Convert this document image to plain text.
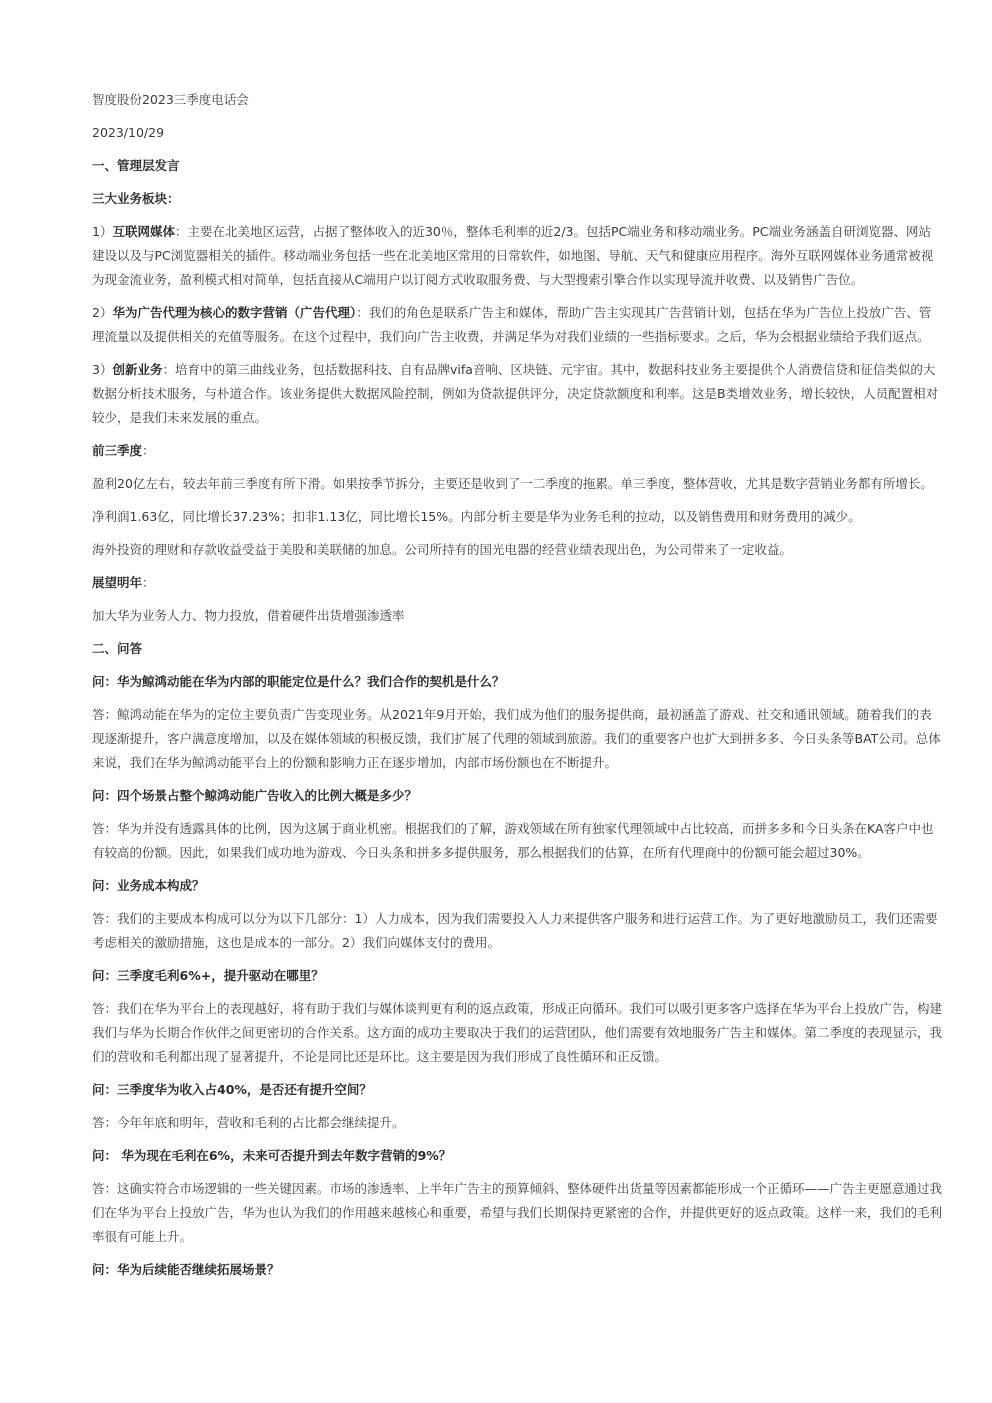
智度股份2023三季度电话会

2023/10/29

一、管理层发言

三大业务板块：

1）互联网媒体：主要在北美地区运营，占据了整体收入的近30％，整体毛利率的近2/3。包括PC端业务和移动端业务。PC端业务涵盖自研浏览器、网站建设以及与PC浏览器相关的插件。移动端业务包括一些在北美地区常用的日常软件，如地图、导航、天气和健康应用程序。海外互联网媒体业务通常被视为现金流业务，盈利模式相对简单，包括直接从C端用户以订阅方式收取服务费、与大型搜索引擎合作以实现导流并收费、以及销售广告位。

2）华为广告代理为核心的数字营销（广告代理）：我们的角色是联系广告主和媒体，帮助广告主实现其广告营销计划，包括在华为广告位上投放广告、管理流量以及提供相关的充值等服务。在这个过程中，我们向广告主收费，并满足华为对我们业绩的一些指标要求。之后，华为会根据业绩给予我们返点。

3）创新业务：培育中的第三曲线业务，包括数据科技、自有品牌vifa音响、区块链、元宇宙。其中，数据科技业务主要提供个人消费信贷和征信类似的大数据分析技术服务，与朴道合作。该业务提供大数据风险控制，例如为贷款提供评分，决定贷款额度和利率。这是B类增效业务，增长较快，人员配置相对较少，是我们未来发展的重点。

前三季度：

盈利20亿左右，较去年前三季度有所下滑。如果按季节拆分，主要还是收到了一二季度的拖累。单三季度，整体营收，尤其是数字营销业务都有所增长。

净利润1.63亿，同比增长37.23%；扣非1.13亿，同比增长15%。内部分析主要是华为业务毛利的拉动，以及销售费用和财务费用的减少。

海外投资的理财和存款收益受益于美股和美联储的加息。公司所持有的国光电器的经营业绩表现出色，为公司带来了一定收益。

展望明年：

加大华为业务人力、物力投放，借着硬件出货增强渗透率

二、问答

问：华为鲸鸿动能在华为内部的职能定位是什么？我们合作的契机是什么？

答：鲸鸿动能在华为的定位主要负责广告变现业务。从2021年9月开始，我们成为他们的服务提供商，最初涵盖了游戏、社交和通讯领域。随着我们的表现逐渐提升，客户满意度增加，以及在媒体领域的积极反馈，我们扩展了代理的领域到旅游。我们的重要客户也扩大到拼多多、今日头条等BAT公司。总体来说，我们在华为鲸鸿动能平台上的份额和影响力正在逐步增加，内部市场份额也在不断提升。

问：四个场景占整个鲸鸿动能广告收入的比例大概是多少？

答：华为并没有透露具体的比例，因为这属于商业机密。根据我们的了解，游戏领域在所有独家代理领域中占比较高，而拼多多和今日头条在KA客户中也有较高的份额。因此，如果我们成功地为游戏、今日头条和拼多多提供服务，那么根据我们的估算，在所有代理商中的份额可能会超过30%。

问：业务成本构成？

答：我们的主要成本构成可以分为以下几部分：1）人力成本，因为我们需要投入人力来提供客户服务和进行运营工作。为了更好地激励员工，我们还需要考虑相关的激励措施，这也是成本的一部分。2）我们向媒体支付的费用。

问：三季度毛利6%+，提升驱动在哪里？

答：我们在华为平台上的表现越好，将有助于我们与媒体谈判更有利的返点政策，形成正向循环。我们可以吸引更多客户选择在华为平台上投放广告，构建我们与华为长期合作伙伴之间更密切的合作关系。这方面的成功主要取决于我们的运营团队，他们需要有效地服务广告主和媒体。第二季度的表现显示，我们的营收和毛利都出现了显著提升，不论是同比还是环比。这主要是因为我们形成了良性循环和正反馈。

问：三季度华为收入占40%，是否还有提升空间？

答：今年年底和明年，营收和毛利的占比都会继续提升。

问： 华为现在毛利在6%，未来可否提升到去年数字营销的9%？

答：这确实符合市场逻辑的一些关键因素。市场的渗透率、上半年广告主的预算倾斜、整体硬件出货量等因素都能形成一个正循环——广告主更愿意通过我们在华为平台上投放广告，华为也认为我们的作用越来越核心和重要，希望与我们长期保持更紧密的合作，并提供更好的返点政策。这样一来，我们的毛利率很有可能上升。

问：华为后续能否继续拓展场景？
